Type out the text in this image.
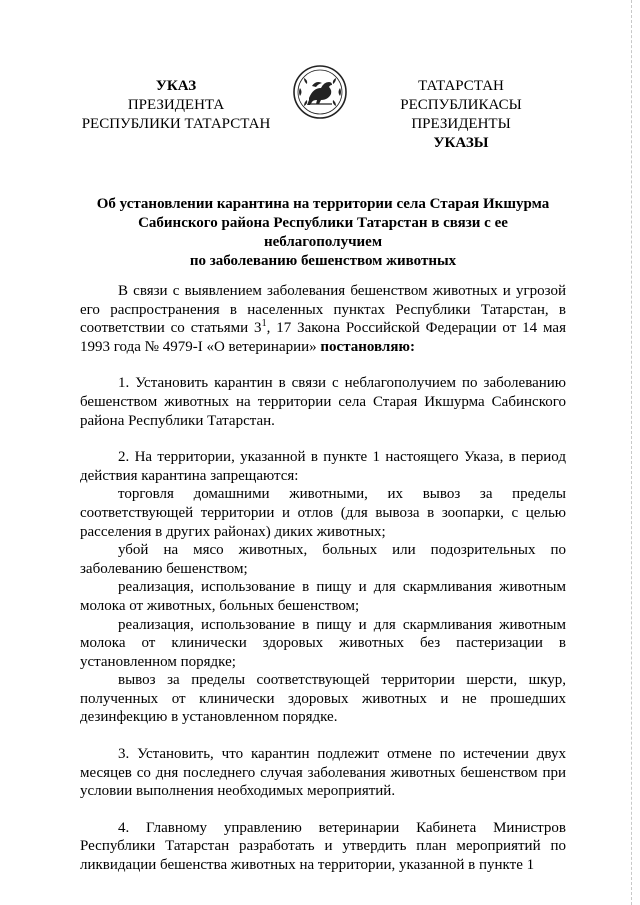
УКАЗ
ПРЕЗИДЕНТА
РЕСПУБЛИКИ ТАТАРСТАН
ТАТАРСТАН РЕСПУБЛИКАСЫ
ПРЕЗИДЕНТЫ
УКАЗЫ
Об установлении карантина на территории села Старая Икшурма
Сабинского района Республики Татарстан в связи с ее неблагополучием
по заболеванию бешенством животных

В связи с выявлением заболевания бешенством животных и угрозой его распространения в населенных пунктах Республики Татарстан, в соответствии со статьями $3^1$, 17 Закона Российской Федерации от 14 мая 1993 года № 4979-I «О ветеринарии» постановляю:

1. Установить карантин в связи с неблагополучием по заболеванию бешенством животных на территории села Старая Икшурма Сабинского района Республики Татарстан.

2. На территории, указанной в пункте 1 настоящего Указа, в период действия карантина запрещаются:

торговля домашними животными, их вывоз за пределы соответствующей территории и отлов (для вывоза в зоопарки, с целью расселения в других районах) диких животных;

убой на мясо животных, больных или подозрительных по заболеванию бешенством;

реализация, использование в пищу и для скармливания животным молока от животных, больных бешенством;

реализация, использование в пищу и для скармливания животным молока от клинически здоровых животных без пастеризации в установленном порядке;

вывоз за пределы соответствующей территории шерсти, шкур, полученных от клинически здоровых животных и не прошедших дезинфекцию в установленном порядке.

3. Установить, что карантин подлежит отмене по истечении двух месяцев со дня последнего случая заболевания животных бешенством при условии выполнения необходимых мероприятий.

4. Главному управлению ветеринарии Кабинета Министров Республики Татарстан разработать и утвердить план мероприятий по ликвидации бешенства животных на территории, указанной в пункте 1
